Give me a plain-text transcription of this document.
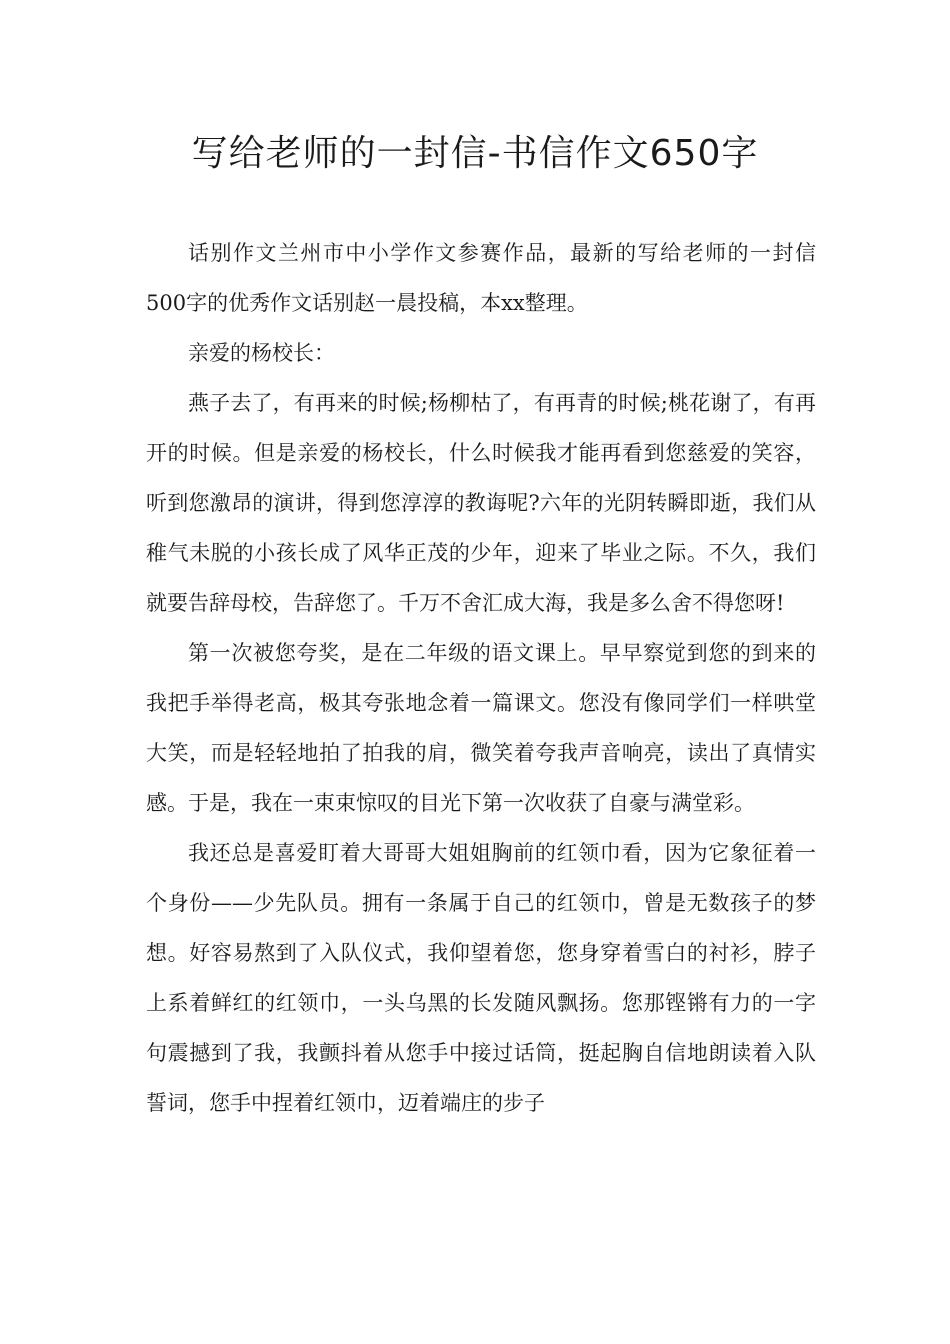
写给老师的一封信-书信作文650字

话别作文兰州市中小学作文参赛作品，最新的写给老师的一封信500字的优秀作文话别赵一晨投稿，本xx整理。

亲爱的杨校长：

燕子去了，有再来的时候;杨柳枯了，有再青的时候;桃花谢了，有再开的时候。但是亲爱的杨校长，什么时候我才能再看到您慈爱的笑容，听到您激昂的演讲，得到您淳淳的教诲呢?六年的光阴转瞬即逝，我们从稚气未脱的小孩长成了风华正茂的少年，迎来了毕业之际。不久，我们就要告辞母校，告辞您了。千万不舍汇成大海，我是多么舍不得您呀!

第一次被您夸奖，是在二年级的语文课上。早早察觉到您的到来的我把手举得老高，极其夸张地念着一篇课文。您没有像同学们一样哄堂大笑，而是轻轻地拍了拍我的肩，微笑着夸我声音响亮，读出了真情实感。于是，我在一束束惊叹的目光下第一次收获了自豪与满堂彩。

我还总是喜爱盯着大哥哥大姐姐胸前的红领巾看，因为它象征着一个身份——少先队员。拥有一条属于自己的红领巾，曾是无数孩子的梦想。好容易熬到了入队仪式，我仰望着您，您身穿着雪白的衬衫，脖子上系着鲜红的红领巾，一头乌黑的长发随风飘扬。您那铿锵有力的一字句震撼到了我，我颤抖着从您手中接过话筒，挺起胸自信地朗读着入队誓词，您手中捏着红领巾，迈着端庄的步子
